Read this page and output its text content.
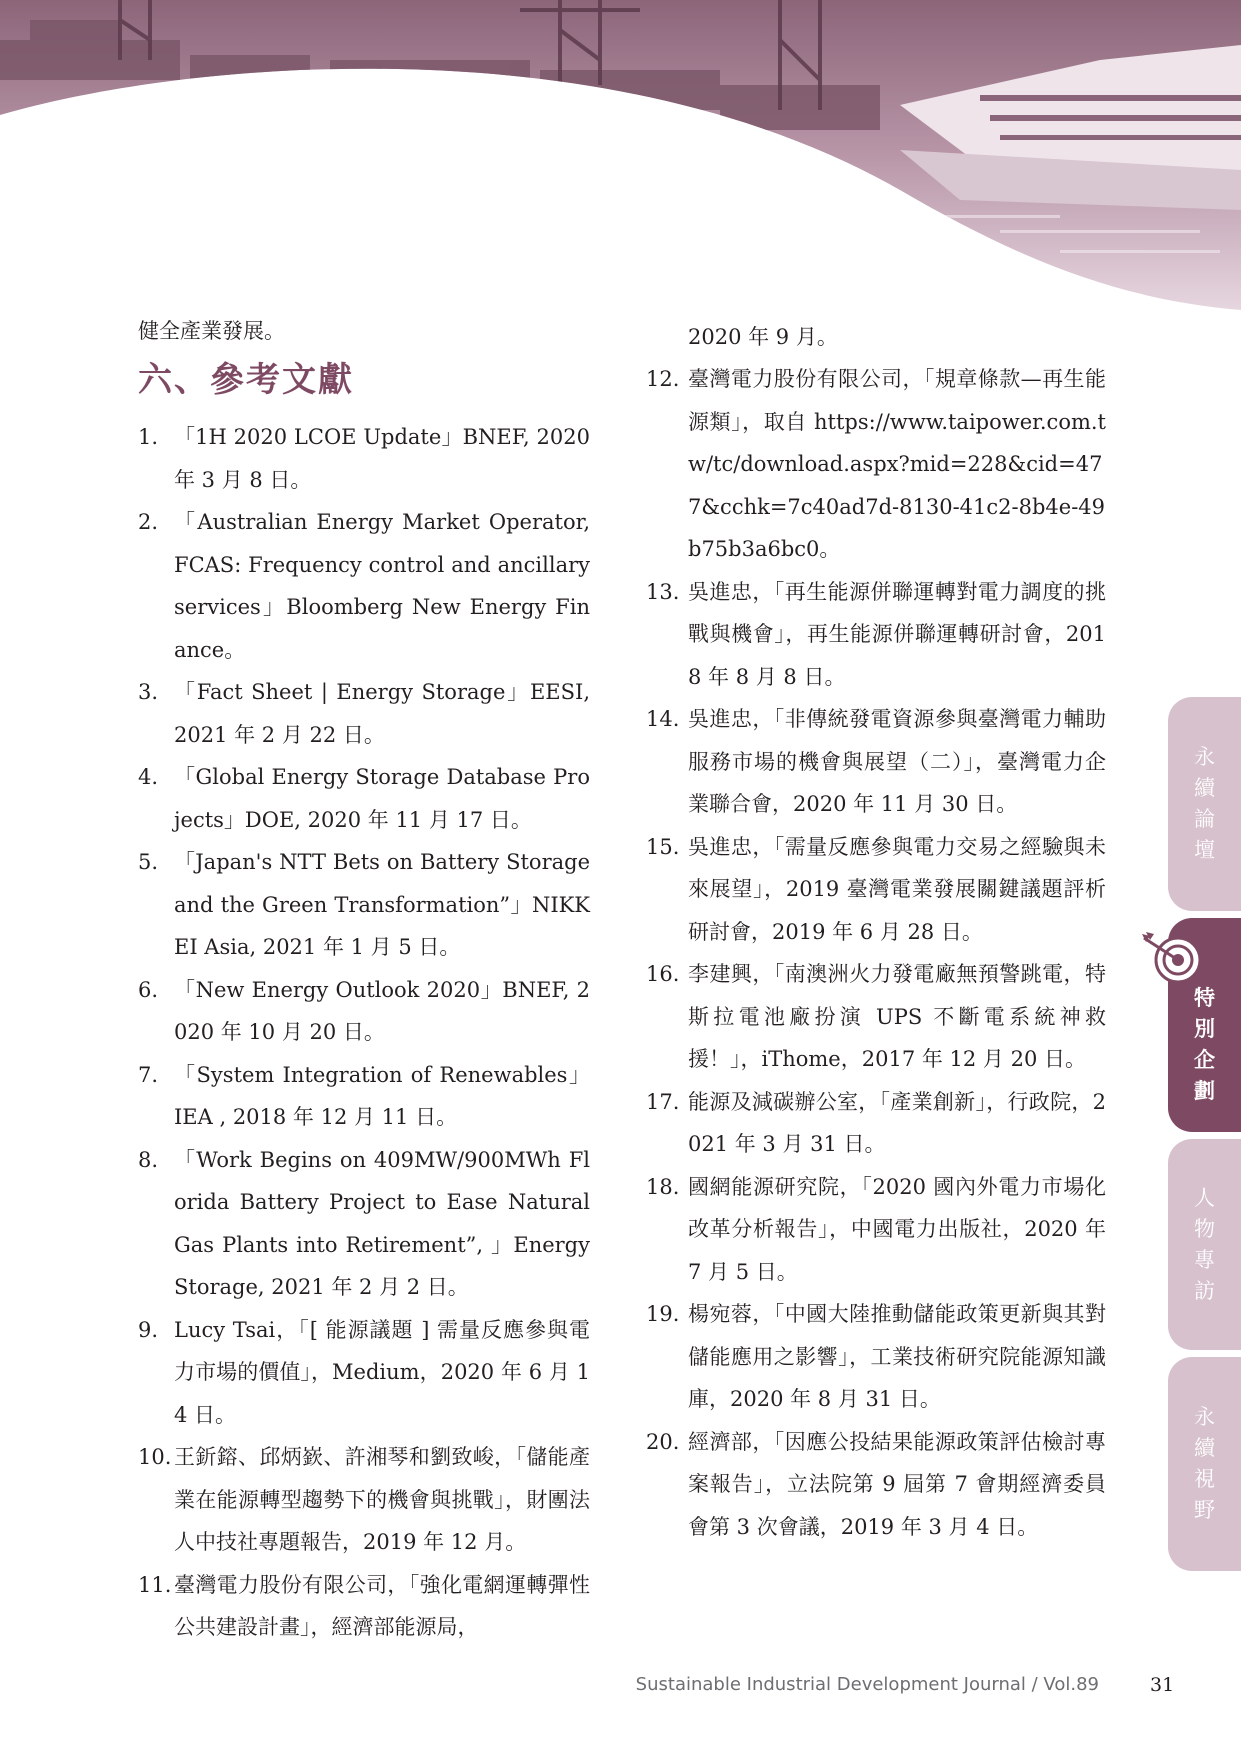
健全產業發展。

六、參考文獻
1. 「1H 2020 LCOE Update」BNEF, 2020 年 3 月 8 日。
2. 「Australian Energy Market Operator, FCAS: Frequency control and ancillary services」Bloomberg New Energy Finance。
3. 「Fact Sheet | Energy Storage」EESI, 2021 年 2 月 22 日。
4. 「Global Energy Storage Database Projects」DOE, 2020 年 11 月 17 日。
5. 「Japan's NTT Bets on Battery Storage and the Green Transformation”」NIKKEI Asia, 2021 年 1 月 5 日。
6. 「New Energy Outlook 2020」BNEF, 2020 年 10 月 20 日。
7. 「System Integration of Renewables」IEA , 2018 年 12 月 11 日。
8. 「Work Begins on 409MW/900MWh Florida Battery Project to Ease Natural Gas Plants into Retirement”, 」Energy Storage, 2021 年 2 月 2 日。
9. Lucy Tsai，「[ 能源議題 ] 需量反應參與電力市場的價值」，Medium，2020 年 6 月 14 日。
10. 王釿鎔、邱炳嶔、許湘琴和劉致峻，「儲能產業在能源轉型趨勢下的機會與挑戰」，財團法人中技社專題報告，2019 年 12 月。
11. 臺灣電力股份有限公司，「強化電網運轉彈性公共建設計畫」，經濟部能源局，
2020 年 9 月。
12. 臺灣電力股份有限公司，「規章條款—再生能源類」，取自 https://www.taipower.com.tw/tc/download.aspx?mid=228&cid=477&cchk=7c40ad7d-8130-41c2-8b4e-49b75b3a6bc0。
13. 吳進忠，「再生能源併聯運轉對電力調度的挑戰與機會」，再生能源併聯運轉研討會，2018 年 8 月 8 日。
14. 吳進忠，「非傳統發電資源參與臺灣電力輔助服務市場的機會與展望（二）」，臺灣電力企業聯合會，2020 年 11 月 30 日。
15. 吳進忠，「需量反應參與電力交易之經驗與未來展望」，2019 臺灣電業發展關鍵議題評析研討會，2019 年 6 月 28 日。
16. 李建興，「南澳洲火力發電廠無預警跳電，特斯拉電池廠扮演 UPS 不斷電系統神救援！」，iThome，2017 年 12 月 20 日。
17. 能源及減碳辦公室，「產業創新」，行政院，2021 年 3 月 31 日。
18. 國網能源研究院，「2020 國內外電力市場化改革分析報告」，中國電力出版社，2020 年 7 月 5 日。
19. 楊宛蓉，「中國大陸推動儲能政策更新與其對儲能應用之影響」，工業技術研究院能源知識庫，2020 年 8 月 31 日。
20. 經濟部，「因應公投結果能源政策評估檢討專案報告」，立法院第 9 屆第 7 會期經濟委員會第 3 次會議，2019 年 3 月 4 日。
永
續
論
壇
特
別
企
劃
人
物
專
訪
永
續
視
野
Sustainable Industrial Development Journal / Vol.89	31
